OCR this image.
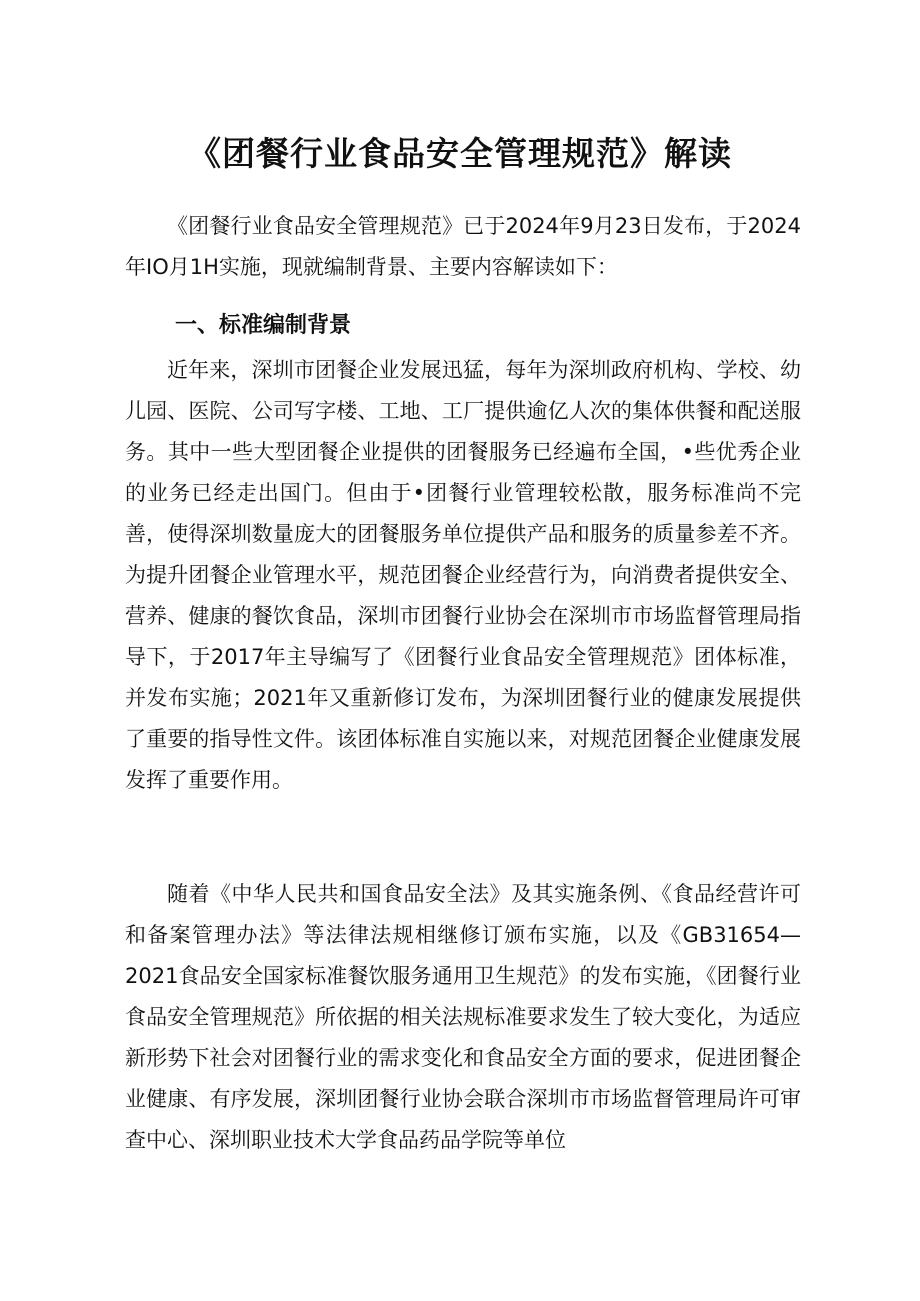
《团餐行业食品安全管理规范》解读

《团餐行业食品安全管理规范》已于2024年9月23日发布，于2024年IO月1H实施，现就编制背景、主要内容解读如下：

一、标准编制背景

近年来，深圳市团餐企业发展迅猛，每年为深圳政府机构、学校、幼儿园、医院、公司写字楼、工地、工厂提供逾亿人次的集体供餐和配送服务。其中一些大型团餐企业提供的团餐服务已经遍布全国，•些优秀企业的业务已经走出国门。但由于•团餐行业管理较松散，服务标准尚不完善，使得深圳数量庞大的团餐服务单位提供产品和服务的质量参差不齐。为提升团餐企业管理水平，规范团餐企业经营行为，向消费者提供安全、营养、健康的餐饮食品，深圳市团餐行业协会在深圳市市场监督管理局指导下，于2017年主导编写了《团餐行业食品安全管理规范》团体标准，并发布实施；2021年又重新修订发布，为深圳团餐行业的健康发展提供了重要的指导性文件。该团体标准自实施以来，对规范团餐企业健康发展发挥了重要作用。

随着《中华人民共和国食品安全法》及其实施条例、《食品经营许可和备案管理办法》等法律法规相继修订颁布实施，以及《GB31654—2021食品安全国家标准餐饮服务通用卫生规范》的发布实施，《团餐行业食品安全管理规范》所依据的相关法规标准要求发生了较大变化，为适应新形势下社会对团餐行业的需求变化和食品安全方面的要求，促进团餐企业健康、有序发展，深圳团餐行业协会联合深圳市市场监督管理局许可审查中心、深圳职业技术大学食品药品学院等单位
